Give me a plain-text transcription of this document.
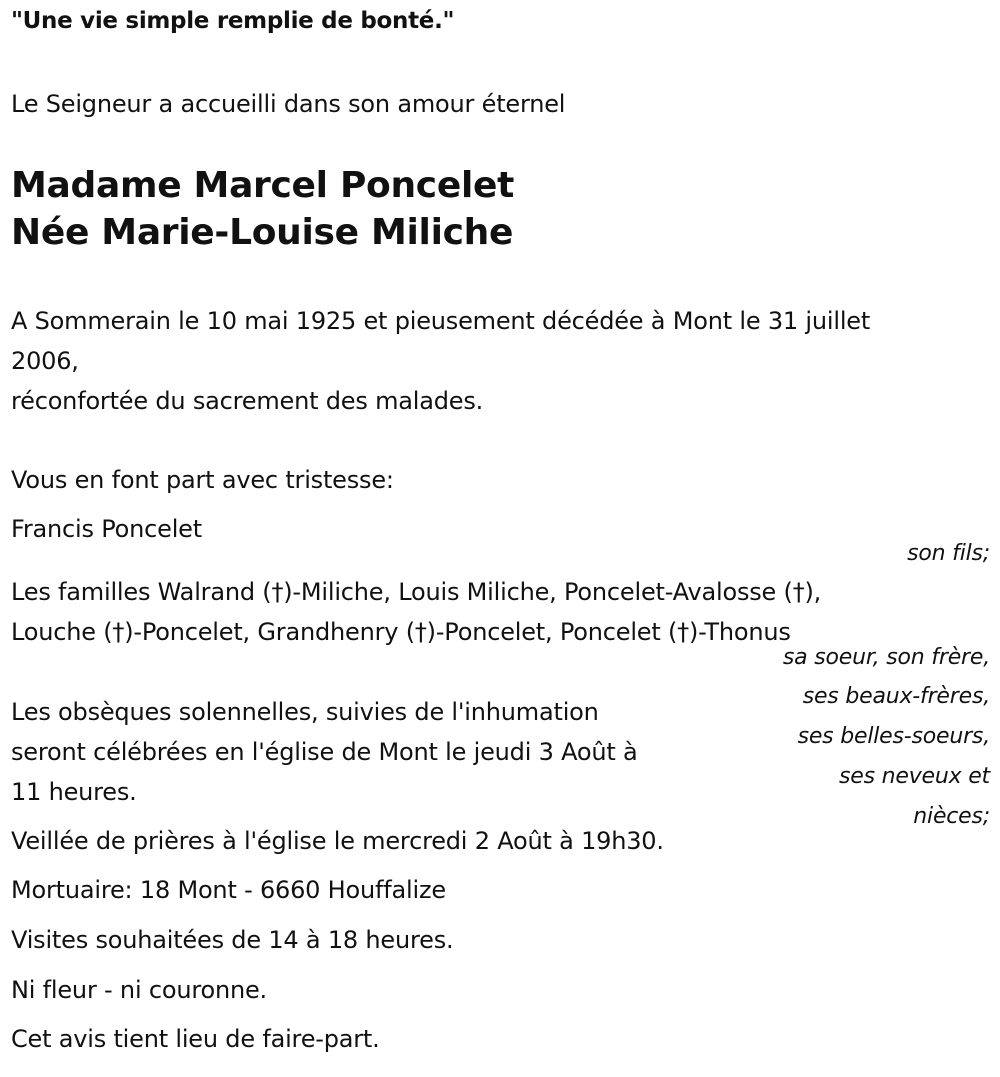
"Une vie simple remplie de bonté."

Le Seigneur a accueilli dans son amour éternel

Madame Marcel Poncelet
Née Marie-Louise Miliche

A Sommerain le 10 mai 1925 et pieusement décédée à Mont le 31 juillet

2006,

réconfortée du sacrement des malades.

Vous en font part avec tristesse:

Francis Poncelet

son fils;

Les familles Walrand (†)-Miliche, Louis Miliche, Poncelet-Avalosse (†),

Louche (†)-Poncelet, Grandhenry (†)-Poncelet, Poncelet (†)-Thonus

sa soeur, son frère,

ses beaux-frères,

ses belles-soeurs,

ses neveux et

nièces;

Les obsèques solennelles, suivies de l'inhumation

seront célébrées en l'église de Mont le jeudi 3 Août à

11 heures.

Veillée de prières à l'église le mercredi 2 Août à 19h30.

Mortuaire: 18 Mont - 6660 Houffalize

Visites souhaitées de 14 à 18 heures.

Ni fleur - ni couronne.

Cet avis tient lieu de faire-part.
